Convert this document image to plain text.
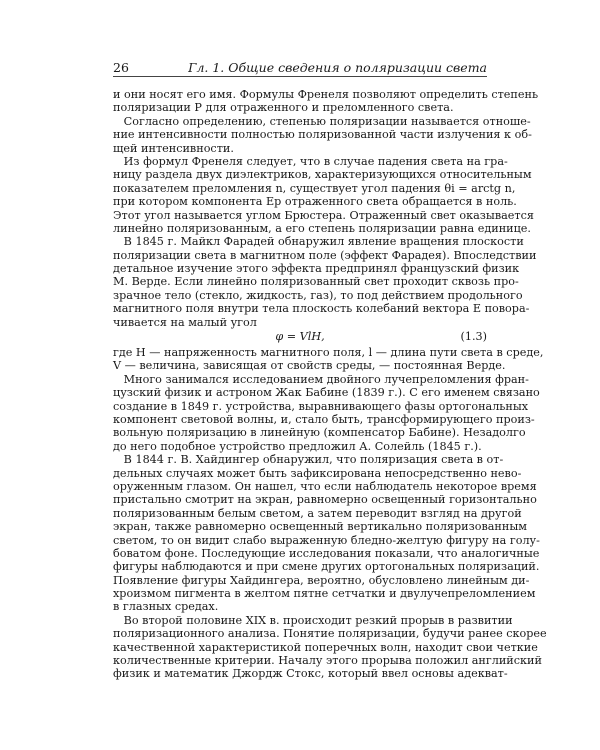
26	Гл. 1. Общие сведения о поляризации света
и они носят его имя. Формулы Френеля позволяют определить степень
поляризации P для отраженного и преломленного света.
Согласно определению, степенью поляризации называется отноше-
ние интенсивности полностью поляризованной части излучения к об-
щей интенсивности.
Из формул Френеля следует, что в случае падения света на гра-
ницу раздела двух диэлектриков, характеризующихся относительным
показателем преломления n, существует угол падения θi = arctg n,
при котором компонента Ep отраженного света обращается в ноль.
Этот угол называется углом Брюстера. Отраженный свет оказывается
линейно поляризованным, а его степень поляризации равна единице.
В 1845 г. Майкл Фарадей обнаружил явление вращения плоскости
поляризации света в магнитном поле (эффект Фарадея). Впоследствии
детальное изучение этого эффекта предпринял французский физик
М. Верде. Если линейно поляризованный свет проходит сквозь про-
зрачное тело (стекло, жидкость, газ), то под действием продольного
магнитного поля внутри тела плоскость колебаний вектора E повора-
чивается на малый угол
φ = VlH,	(1.3)
где H — напряженность магнитного поля, l — длина пути света в среде,
V — величина, зависящая от свойств среды, — постоянная Верде.
Много занимался исследованием двойного лучепреломления фран-
цузский физик и астроном Жак Бабине (1839 г.). С его именем связано
создание в 1849 г. устройства, выравнивающего фазы ортогональных
компонент световой волны, и, стало быть, трансформирующего произ-
вольную поляризацию в линейную (компенсатор Бабине). Незадолго
до него подобное устройство предложил А. Солейль (1845 г.).
В 1844 г. В. Хайдингер обнаружил, что поляризация света в от-
дельных случаях может быть зафиксирована непосредственно нево-
оруженным глазом. Он нашел, что если наблюдатель некоторое время
пристально смотрит на экран, равномерно освещенный горизонтально
поляризованным белым светом, а затем переводит взгляд на другой
экран, также равномерно освещенный вертикально поляризованным
светом, то он видит слабо выраженную бледно-желтую фигуру на голу-
боватом фоне. Последующие исследования показали, что аналогичные
фигуры наблюдаются и при смене других ортогональных поляризаций.
Появление фигуры Хайдингера, вероятно, обусловлено линейным ди-
хроизмом пигмента в желтом пятне сетчатки и двулучепреломлением
в глазных средах.
Во второй половине XIX в. происходит резкий прорыв в развитии
поляризационного анализа. Понятие поляризации, будучи ранее скорее
качественной характеристикой поперечных волн, находит свои четкие
количественные критерии. Началу этого прорыва положил английский
физик и математик Джордж Стокс, который ввел основы адекват-
